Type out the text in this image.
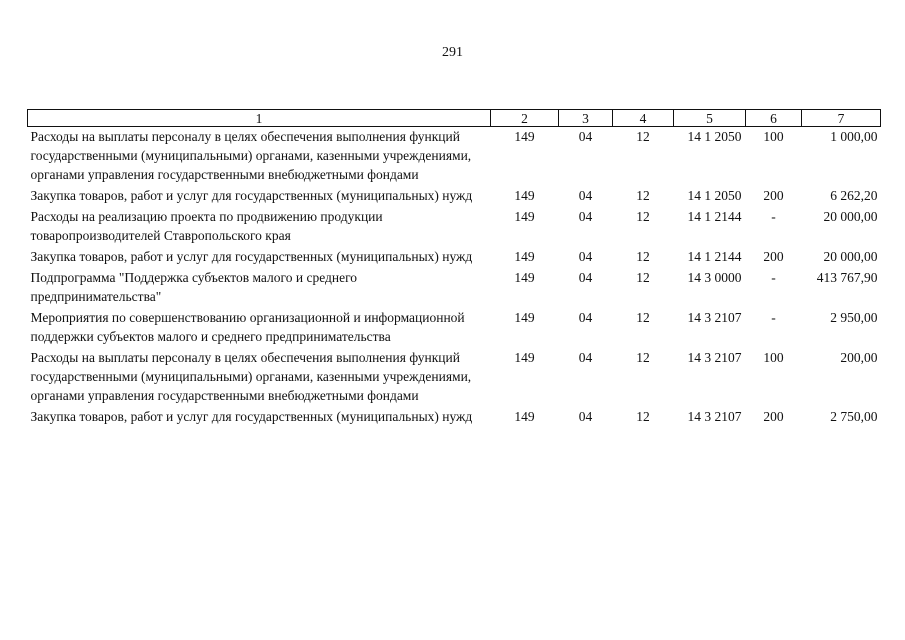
291
1	2	3	4	5	6	7
Расходы на выплаты персоналу в целях обеспечения выполнения функций государственными (муниципальными) органами, казенными учреждениями, органами управления государственными внебюджетными фондами	149	04	12	14 1 2050	100	1 000,00
Закупка товаров, работ и услуг для государственных (муниципальных) нужд	149	04	12	14 1 2050	200	6 262,20
Расходы на реализацию проекта по продвижению продукции товаропроизводителей Ставропольского края	149	04	12	14 1 2144	-	20 000,00
Закупка товаров, работ и услуг для государственных (муниципальных) нужд	149	04	12	14 1 2144	200	20 000,00
Подпрограмма "Поддержка субъектов малого и среднего предпринимательства"	149	04	12	14 3 0000	-	413 767,90
Мероприятия по совершенствованию организационной и информационной поддержки субъектов малого и среднего предпринимательства	149	04	12	14 3 2107	-	2 950,00
Расходы на выплаты персоналу в целях обеспечения выполнения функций государственными (муниципальными) органами, казенными учреждениями, органами управления государственными внебюджетными фондами	149	04	12	14 3 2107	100	200,00
Закупка товаров, работ и услуг для государственных (муниципальных) нужд	149	04	12	14 3 2107	200	2 750,00
